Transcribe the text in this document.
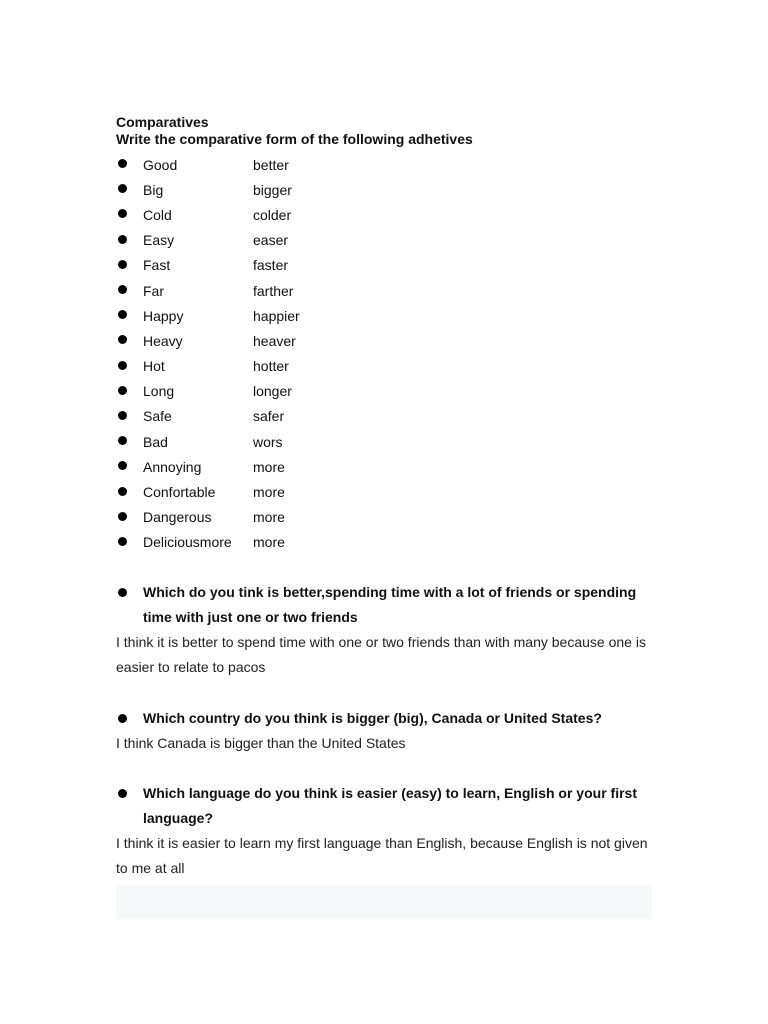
Comparatives
Write the comparative form of the following adhetives
Good	better
Big	bigger
Cold	colder
Easy	easer
Fast	faster
Far	farther
Happy	happier
Heavy	heaver
Hot	hotter
Long	longer
Safe	safer
Bad	wors
Annoying	more
Confortable	more
Dangerous	more
Deliciousmore	more
Which do you tink is better,spending time with a lot of friends or spending time with just one or two friends
I think it is better to spend time with one or two friends than with many because one is easier to relate to pacos
Which country do you think is bigger (big), Canada or United States?
I think Canada is bigger than the United States
Which language do you think is easier (easy) to learn, English or your first language?
I think it is easier to learn my first language than English, because English is not given to me at all
